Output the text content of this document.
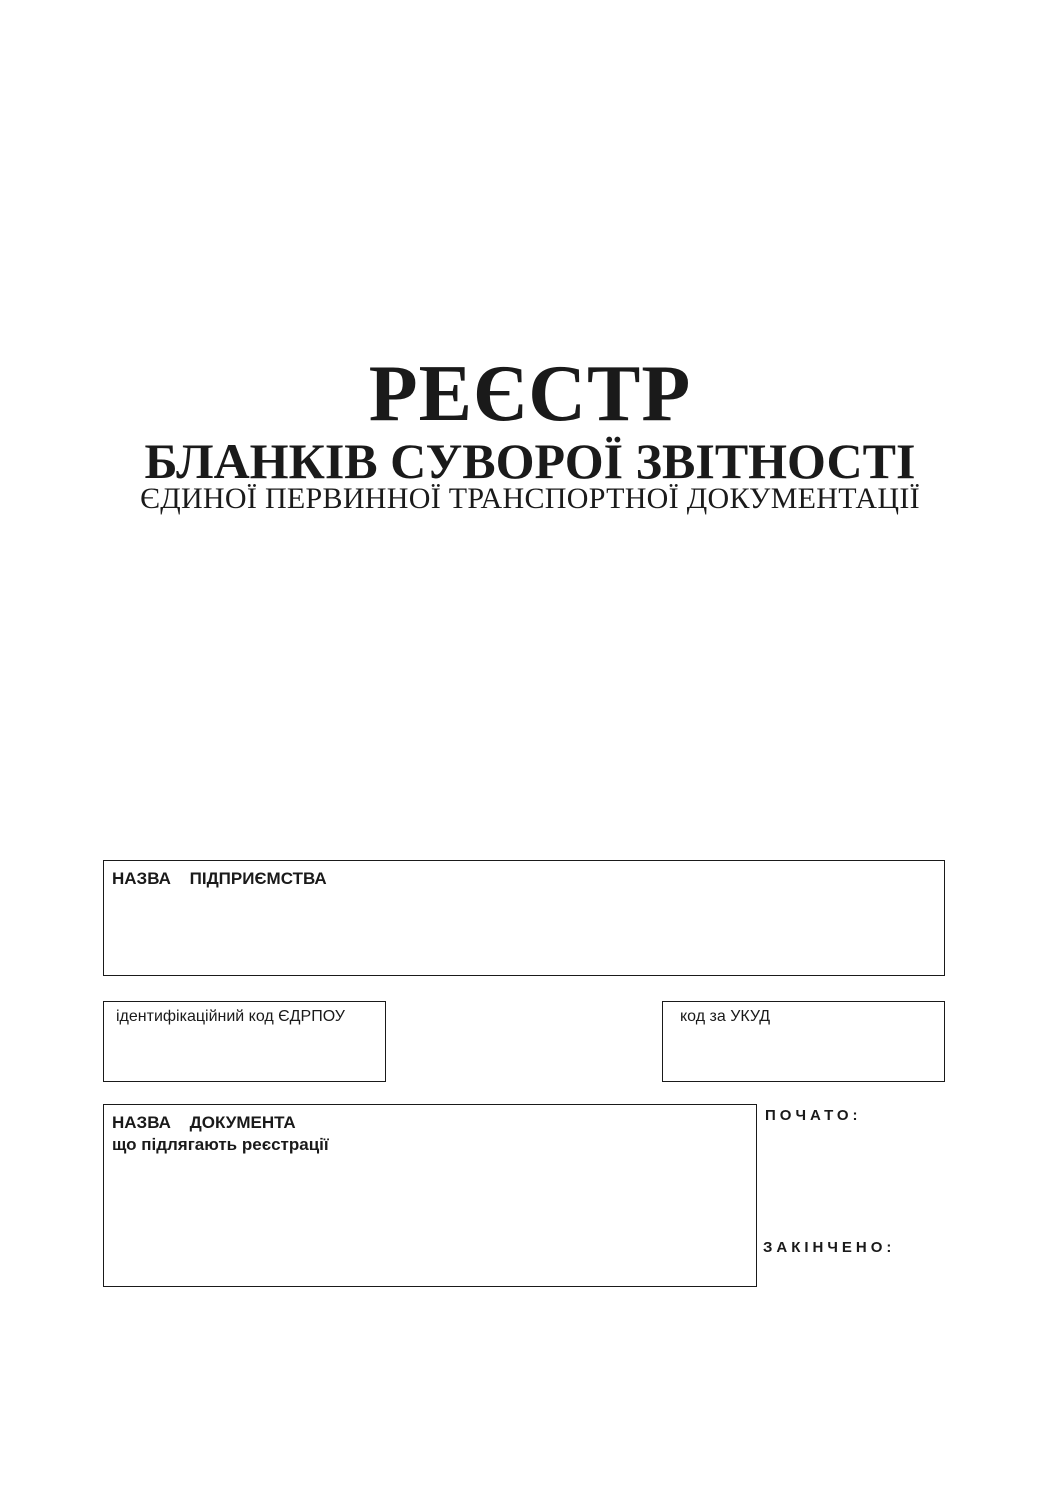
РЕЄСТР
БЛАНКІВ СУВОРОЇ ЗВІТНОСТІ
ЄДИНОЇ ПЕРВИННОЇ ТРАНСПОРТНОЇ ДОКУМЕНТАЦІЇ
НАЗВА ПІДПРИЄМСТВА
ідентифікаційний код ЄДРПОУ	код за УКУД
НАЗВА ДОКУМЕНТА
що підлягають реєстрації
ПОЧАТО:
ЗАКІНЧЕНО:
